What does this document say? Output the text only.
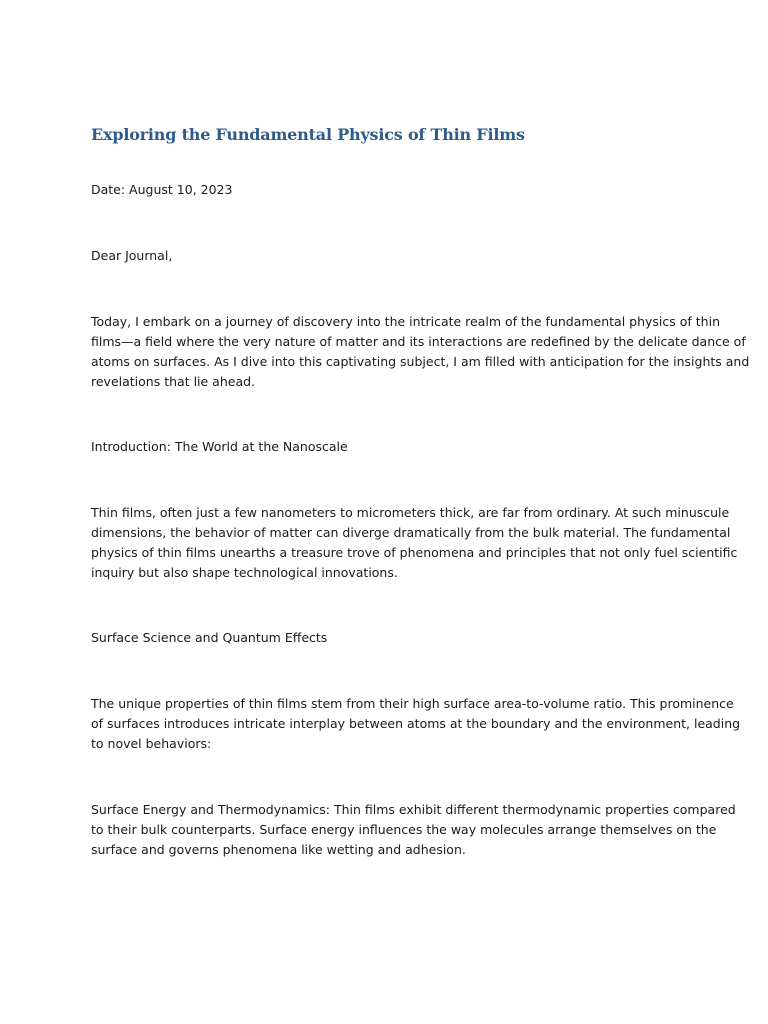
Exploring the Fundamental Physics of Thin Films

Date: August 10, 2023

Dear Journal,

Today, I embark on a journey of discovery into the intricate realm of the fundamental physics of thin
films—a field where the very nature of matter and its interactions are redefined by the delicate dance of
atoms on surfaces. As I dive into this captivating subject, I am filled with anticipation for the insights and
revelations that lie ahead.

Introduction: The World at the Nanoscale

Thin films, often just a few nanometers to micrometers thick, are far from ordinary. At such minuscule
dimensions, the behavior of matter can diverge dramatically from the bulk material. The fundamental
physics of thin films unearths a treasure trove of phenomena and principles that not only fuel scientific
inquiry but also shape technological innovations.

Surface Science and Quantum Effects

The unique properties of thin films stem from their high surface area-to-volume ratio. This prominence
of surfaces introduces intricate interplay between atoms at the boundary and the environment, leading
to novel behaviors:

Surface Energy and Thermodynamics: Thin films exhibit different thermodynamic properties compared
to their bulk counterparts. Surface energy influences the way molecules arrange themselves on the
surface and governs phenomena like wetting and adhesion.
